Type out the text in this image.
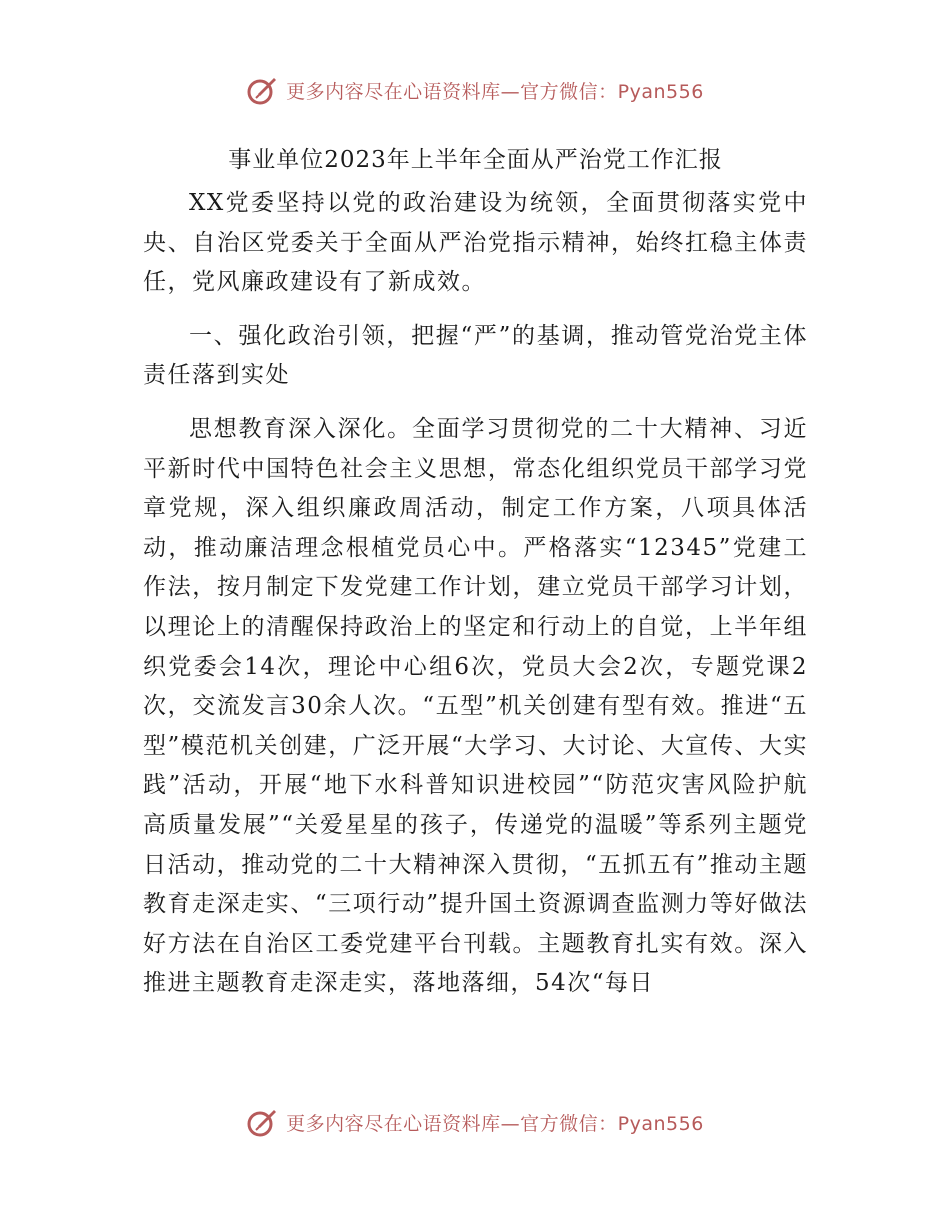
更多内容尽在心语资料库—官方微信：Pyan556
事业单位2023年上半年全面从严治党工作汇报

XX党委坚持以党的政治建设为统领，全面贯彻落实党中央、自治区党委关于全面从严治党指示精神，始终扛稳主体责任，党风廉政建设有了新成效。

一、强化政治引领，把握“严”的基调，推动管党治党主体责任落到实处

思想教育深入深化。全面学习贯彻党的二十大精神、习近平新时代中国特色社会主义思想，常态化组织党员干部学习党章党规，深入组织廉政周活动，制定工作方案，八项具体活动，推动廉洁理念根植党员心中。严格落实“12345”党建工作法，按月制定下发党建工作计划，建立党员干部学习计划，以理论上的清醒保持政治上的坚定和行动上的自觉，上半年组织党委会14次，理论中心组6次，党员大会2次，专题党课2次，交流发言30余人次。“五型”机关创建有型有效。推进“五型”模范机关创建，广泛开展“大学习、大讨论、大宣传、大实践”活动，开展“地下水科普知识进校园”“防范灾害风险护航高质量发展”“关爱星星的孩子，传递党的温暖”等系列主题党日活动，推动党的二十大精神深入贯彻，“五抓五有”推动主题教育走深走实、“三项行动”提升国土资源调查监测力等好做法好方法在自治区工委党建平台刊载。主题教育扎实有效。深入推进主题教育走深走实，落地落细，54次“每日

更多内容尽在心语资料库—官方微信：Pyan556
